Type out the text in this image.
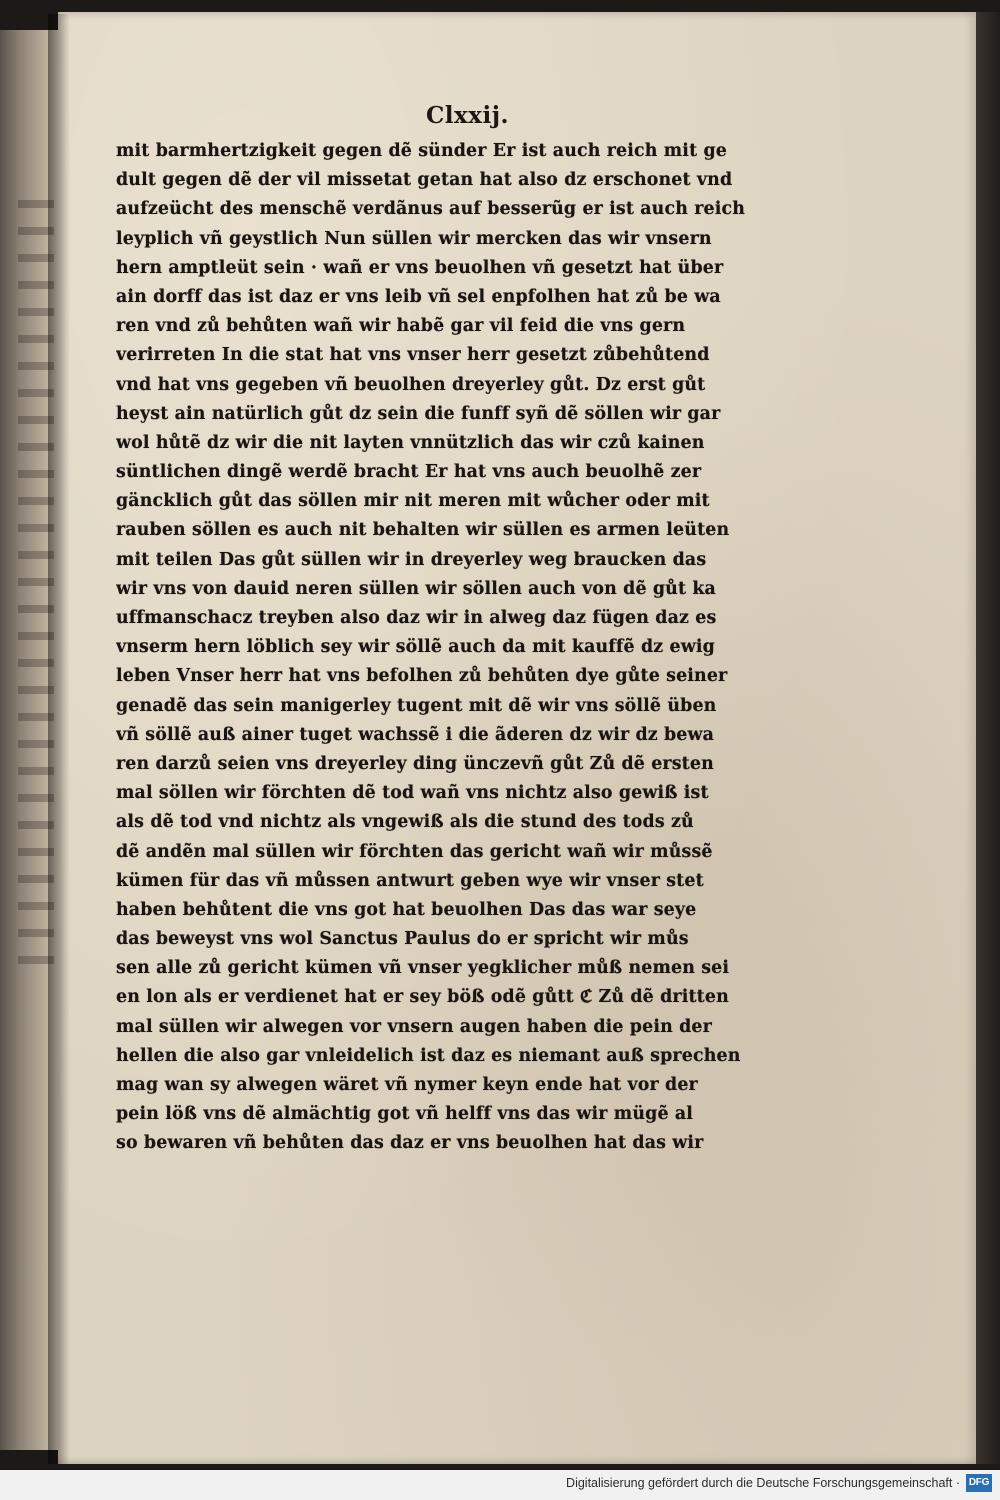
Clxxij.
mit barmhertzigkeit gegen dẽ sünder Er ist auch reich mit ge
dult gegen dẽ der vil missetat getan hat also dz erschonet vnd
aufzeücht des menschẽ verdãnus auf besserũg er ist auch reich
leyplich vñ geystlich Nun süllen wir mercken das wir vnsern
hern amptleüt sein · wañ er vns beuolhen vñ gesetzt hat über
ain dorff das ist daz er vns leib vñ sel enpfolhen hat zů be wa
ren vnd zů behůten wañ wir habẽ gar vil feid die vns gern
verirreten In die stat hat vns vnser herr gesetzt zůbehůtend
vnd hat vns gegeben vñ beuolhen dreyerley gůt. Dz erst gůt
heyst ain natürlich gůt dz sein die funff syñ dẽ söllen wir gar
wol hůtẽ dz wir die nit layten vnnützlich das wir czů kainen
süntlichen dingẽ werdẽ bracht Er hat vns auch beuolhẽ zer
gäncklich gůt das söllen mir nit meren mit wůcher oder mit
rauben söllen es auch nit behalten wir süllen es armen leüten
mit teilen Das gůt süllen wir in dreyerley weg braucken das
wir vns von dauid neren süllen wir söllen auch von dẽ gůt ka
uffmanschacz treyben also daz wir in alweg daz fügen daz es
vnserm hern löblich sey wir söllẽ auch da mit kauffẽ dz ewig
leben Vnser herr hat vns befolhen zů behůten dye gůte seiner
genadẽ das sein manigerley tugent mit dẽ wir vns söllẽ üben
vñ söllẽ auß ainer tuget wachssẽ i die ãderen dz wir dz bewa
ren darzů seien vns dreyerley ding ünczevñ gůt Zů dẽ ersten
mal söllen wir förchten dẽ tod wañ vns nichtz also gewiß ist
als dẽ tod vnd nichtz als vngewiß als die stund des tods zů
dẽ andẽn mal süllen wir förchten das gericht wañ wir můssẽ
kümen für das vñ můssen antwurt geben wye wir vnser stet
haben behůtent die vns got hat beuolhen Das das war seye
das beweyst vns wol Sanctus Paulus do er spricht wir můs
sen alle zů gericht kümen vñ vnser yegklicher můß nemen sei
en lon als er verdienet hat er sey böß odẽ gůtt ℭ Zů dẽ dritten
mal süllen wir alwegen vor vnsern augen haben die pein der
hellen die also gar vnleidelich ist daz es niemant auß sprechen
mag wan sy alwegen wäret vñ nymer keyn ende hat vor der
pein löß vns dẽ almächtig got vñ helff vns das wir mügẽ al
so bewaren vñ behůten das daz er vns beuolhen hat das wir
Digitalisierung gefördert durch die Deutsche Forschungsgemeinschaft · DFG
